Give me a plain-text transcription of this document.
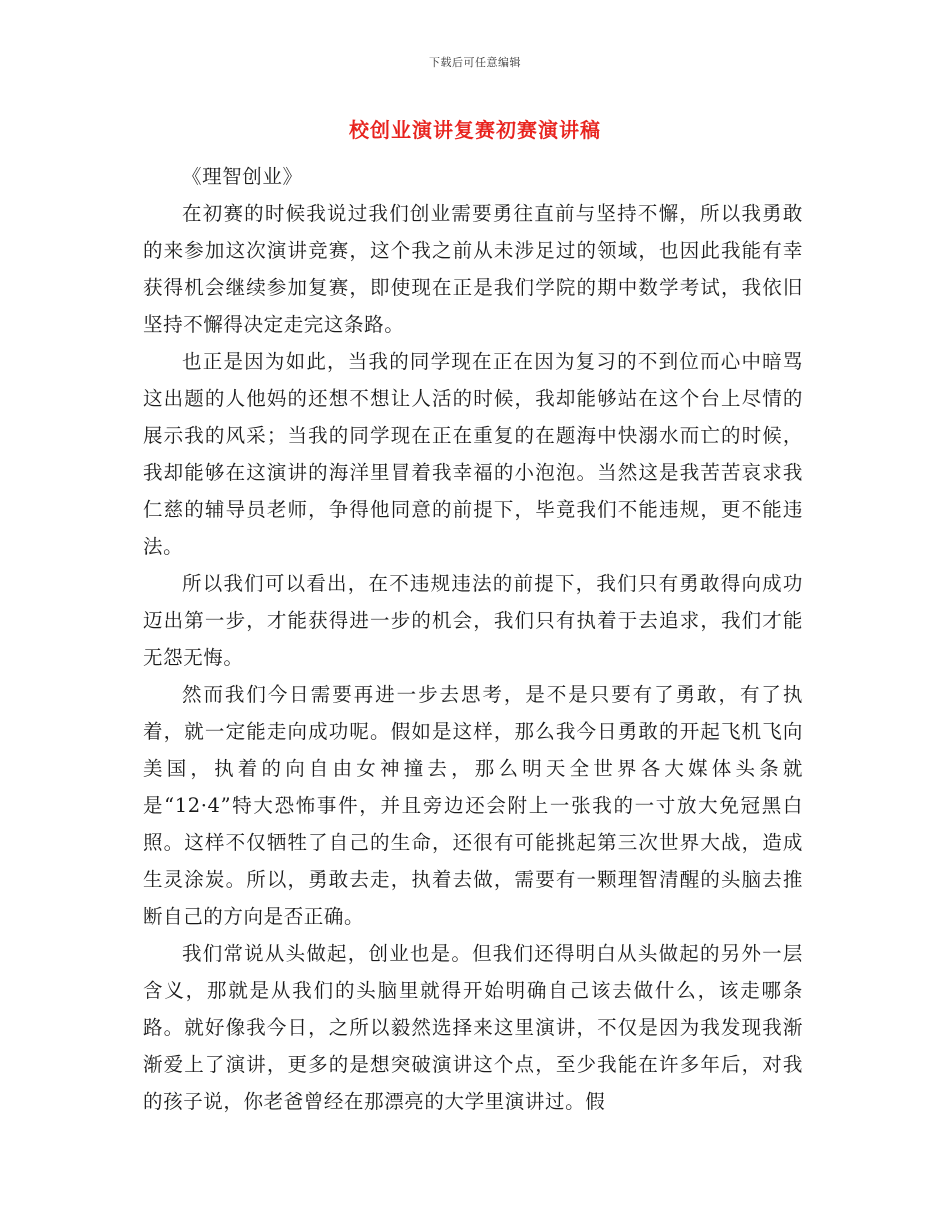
下载后可任意编辑
校创业演讲复赛初赛演讲稿
《理智创业》

在初赛的时候我说过我们创业需要勇往直前与坚持不懈，所以我勇敢的来参加这次演讲竞赛，这个我之前从未涉足过的领域，也因此我能有幸获得机会继续参加复赛，即使现在正是我们学院的期中数学考试，我依旧坚持不懈得决定走完这条路。

也正是因为如此，当我的同学现在正在因为复习的不到位而心中暗骂这出题的人他妈的还想不想让人活的时候，我却能够站在这个台上尽情的展示我的风采；当我的同学现在正在重复的在题海中快溺水而亡的时候，我却能够在这演讲的海洋里冒着我幸福的小泡泡。当然这是我苦苦哀求我仁慈的辅导员老师，争得他同意的前提下，毕竟我们不能违规，更不能违法。

所以我们可以看出，在不违规违法的前提下，我们只有勇敢得向成功迈出第一步，才能获得进一步的机会，我们只有执着于去追求，我们才能无怨无悔。

然而我们今日需要再进一步去思考，是不是只要有了勇敢，有了执着，就一定能走向成功呢。假如是这样，那么我今日勇敢的开起飞机飞向美国，执着的向自由女神撞去，那么明天全世界各大媒体头条就是“12·4”特大恐怖事件，并且旁边还会附上一张我的一寸放大免冠黑白照。这样不仅牺牲了自己的生命，还很有可能挑起第三次世界大战，造成生灵涂炭。所以，勇敢去走，执着去做，需要有一颗理智清醒的头脑去推断自己的方向是否正确。

我们常说从头做起，创业也是。但我们还得明白从头做起的另外一层含义，那就是从我们的头脑里就得开始明确自己该去做什么，该走哪条路。就好像我今日，之所以毅然选择来这里演讲，不仅是因为我发现我渐渐爱上了演讲，更多的是想突破演讲这个点，至少我能在许多年后，对我的孩子说，你老爸曾经在那漂亮的大学里演讲过。假
